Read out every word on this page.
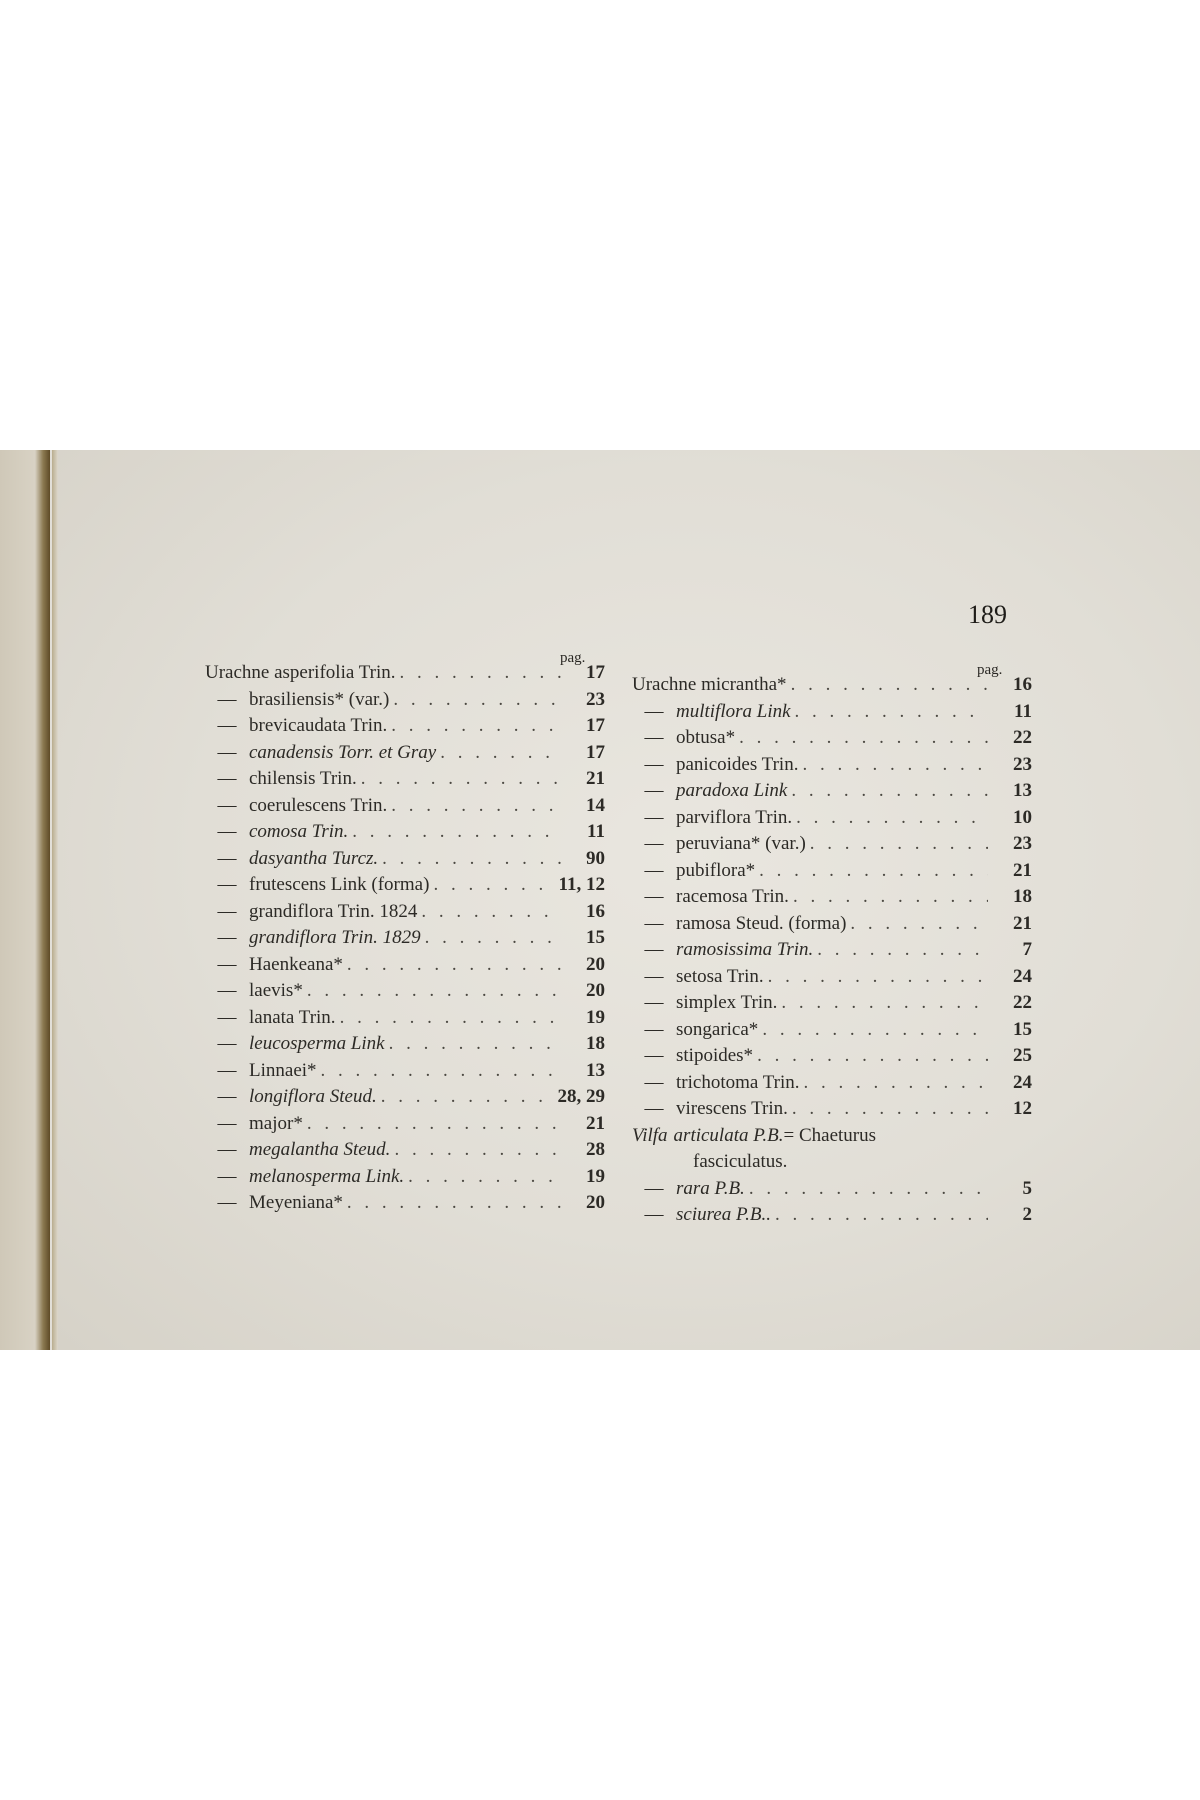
189
pag.
pag.
Urachne asperifolia Trin. . . .	17
— brasiliensis* (var.) . . .	23
— brevicaudata Trin. . . .	17
— canadensis Torr. et Gray . . .	17
— chilensis Trin. . . .	21
— coerulescens Trin. . . .	14
— comosa Trin. . . .	11
— dasyantha Turcz. . . .	90
— frutescens Link (forma) . . .	11, 12
— grandiflora Trin. 1824 . . .	16
— grandiflora Trin. 1829 . . .	15
— Haenkeana* . . .	20
— laevis* . . .	20
— lanata Trin. . . .	19
— leucosperma Link . . .	18
— Linnaei* . . .	13
— longiflora Steud. . . .	28, 29
— major* . . .	21
— megalantha Steud. . . .	28
— melanosperma Link. . . .	19
— Meyeniana* . . .	20
Urachne micrantha* . . .	16
— multiflora Link . . .	11
— obtusa* . . .	22
— panicoides Trin. . . .	23
— paradoxa Link . . .	13
— parviflora Trin. . . .	10
— peruviana* (var.) . . .	23
— pubiflora* . . .	21
— racemosa Trin. . . .	18
— ramosa Steud. (forma) . . .	21
— ramosissima Trin. . . .	7
— setosa Trin. . . .	24
— simplex Trin. . . .	22
— songarica* . . .	15
— stipoides* . . .	25
— trichotoma Trin. . . .	24
— virescens Trin. . . .	12
Vilfa articulata P.B. = Chaeturus
fasciculatus.
— rara P.B. . . .	5
— sciurea P.B.. . . .	2
